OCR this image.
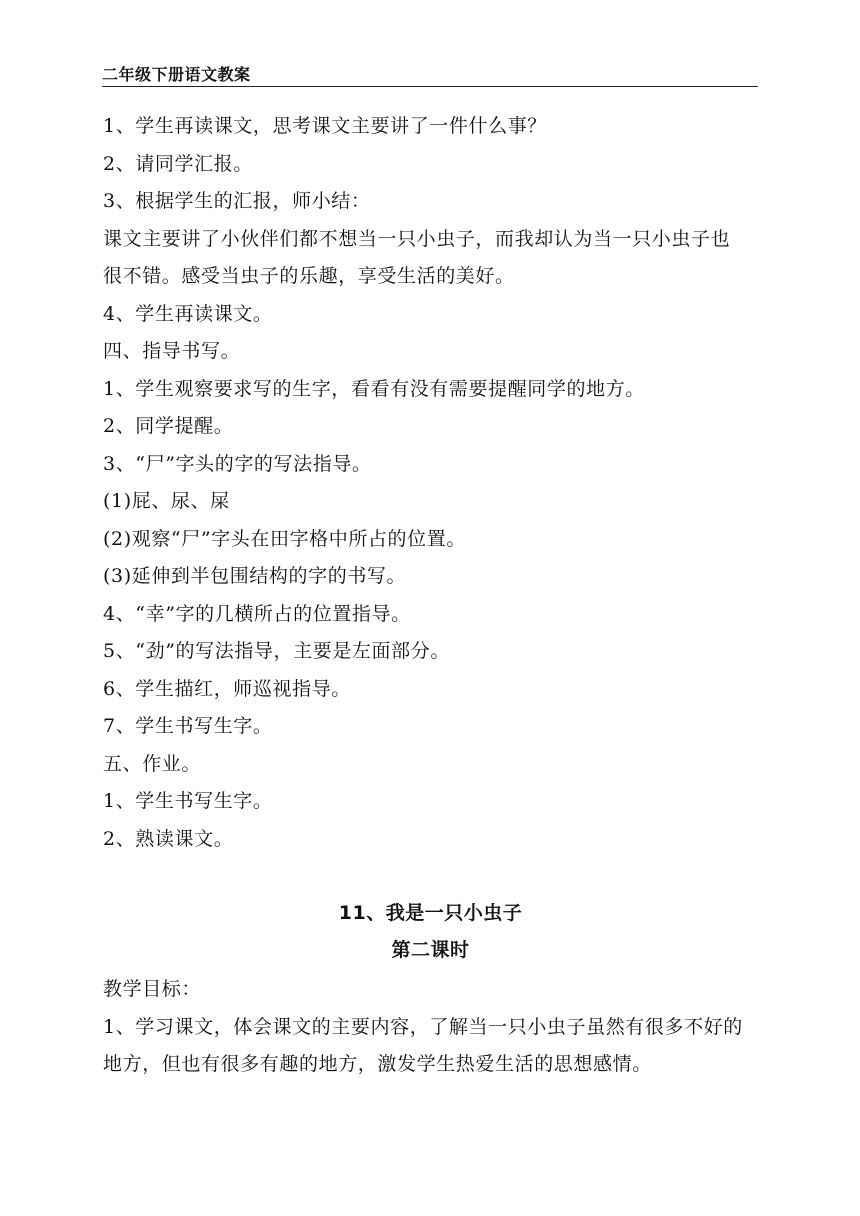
二年级下册语文教案
1、学生再读课文，思考课文主要讲了一件什么事？
2、请同学汇报。
3、根据学生的汇报，师小结：
课文主要讲了小伙伴们都不想当一只小虫子，而我却认为当一只小虫子也
很不错。感受当虫子的乐趣，享受生活的美好。
4、学生再读课文。
四、指导书写。
1、学生观察要求写的生字，看看有没有需要提醒同学的地方。
2、同学提醒。
3、“尸”字头的字的写法指导。
(1)屁、尿、屎
(2)观察“尸”字头在田字格中所占的位置。
(3)延伸到半包围结构的字的书写。
4、“幸”字的几横所占的位置指导。
5、“劲”的写法指导，主要是左面部分。
6、学生描红，师巡视指导。
7、学生书写生字。
五、作业。
1、学生书写生字。
2、熟读课文。
11、我是一只小虫子
第二课时
教学目标：
1、学习课文，体会课文的主要内容，了解当一只小虫子虽然有很多不好的
地方，但也有很多有趣的地方，激发学生热爱生活的思想感情。
